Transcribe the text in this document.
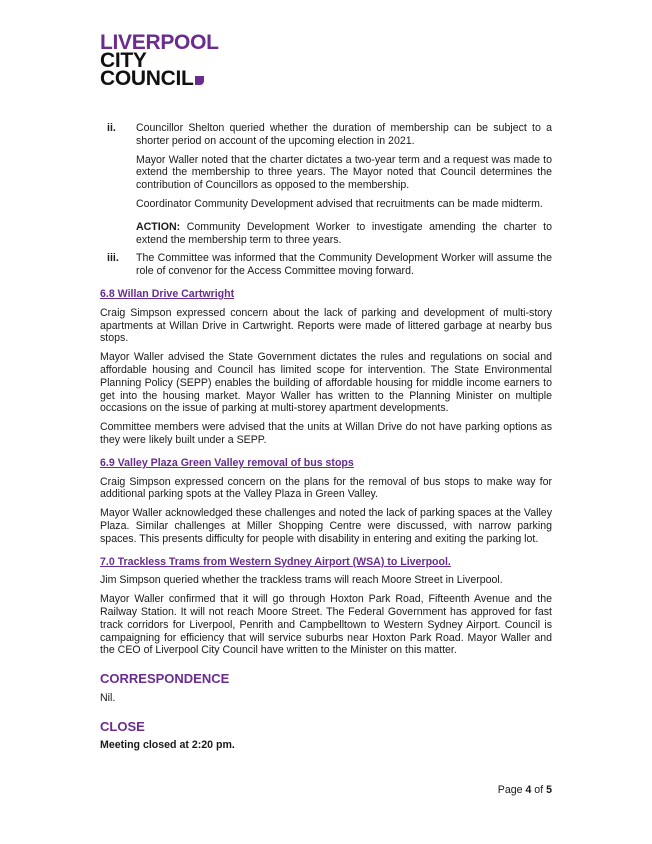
LIVERPOOL
CITY
COUNCIL
ii. Councillor Shelton queried whether the duration of membership can be subject to a shorter period on account of the upcoming election in 2021.

Mayor Waller noted that the charter dictates a two-year term and a request was made to extend the membership to three years. The Mayor noted that Council determines the contribution of Councillors as opposed to the membership.

Coordinator Community Development advised that recruitments can be made midterm.

ACTION: Community Development Worker to investigate amending the charter to extend the membership term to three years.

iii. The Committee was informed that the Community Development Worker will assume the role of convenor for the Access Committee moving forward.

6.8 Willan Drive Cartwright

Craig Simpson expressed concern about the lack of parking and development of multi-story apartments at Willan Drive in Cartwright. Reports were made of littered garbage at nearby bus stops.

Mayor Waller advised the State Government dictates the rules and regulations on social and affordable housing and Council has limited scope for intervention. The State Environmental Planning Policy (SEPP) enables the building of affordable housing for middle income earners to get into the housing market. Mayor Waller has written to the Planning Minister on multiple occasions on the issue of parking at multi-storey apartment developments.

Committee members were advised that the units at Willan Drive do not have parking options as they were likely built under a SEPP.

6.9 Valley Plaza Green Valley removal of bus stops

Craig Simpson expressed concern on the plans for the removal of bus stops to make way for additional parking spots at the Valley Plaza in Green Valley.

Mayor Waller acknowledged these challenges and noted the lack of parking spaces at the Valley Plaza. Similar challenges at Miller Shopping Centre were discussed, with narrow parking spaces. This presents difficulty for people with disability in entering and exiting the parking lot.

7.0 Trackless Trams from Western Sydney Airport (WSA) to Liverpool.

Jim Simpson queried whether the trackless trams will reach Moore Street in Liverpool.

Mayor Waller confirmed that it will go through Hoxton Park Road, Fifteenth Avenue and the Railway Station. It will not reach Moore Street. The Federal Government has approved for fast track corridors for Liverpool, Penrith and Campbelltown to Western Sydney Airport. Council is campaigning for efficiency that will service suburbs near Hoxton Park Road. Mayor Waller and the CEO of Liverpool City Council have written to the Minister on this matter.

CORRESPONDENCE

Nil.

CLOSE

Meeting closed at 2:20 pm.

Page 4 of 5
